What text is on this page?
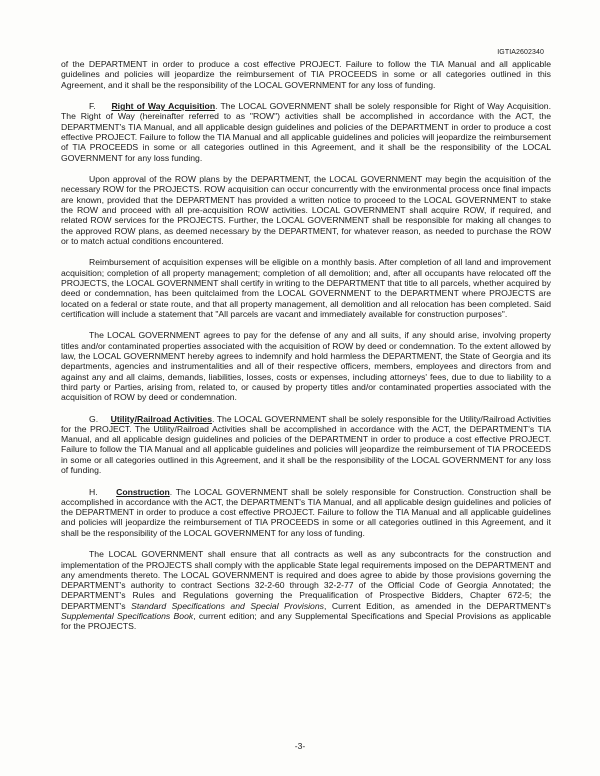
IGTIA2602340

of the DEPARTMENT in order to produce a cost effective PROJECT. Failure to follow the TIA Manual and all applicable guidelines and policies will jeopardize the reimbursement of TIA PROCEEDS in some or all categories outlined in this Agreement, and it shall be the responsibility of the LOCAL GOVERNMENT for any loss of funding.

F. Right of Way Acquisition. The LOCAL GOVERNMENT shall be solely responsible for Right of Way Acquisition. The Right of Way (hereinafter referred to as "ROW") activities shall be accomplished in accordance with the ACT, the DEPARTMENT's TIA Manual, and all applicable design guidelines and policies of the DEPARTMENT in order to produce a cost effective PROJECT. Failure to follow the TIA Manual and all applicable guidelines and policies will jeopardize the reimbursement of TIA PROCEEDS in some or all categories outlined in this Agreement, and it shall be the responsibility of the LOCAL GOVERNMENT for any loss funding.

Upon approval of the ROW plans by the DEPARTMENT, the LOCAL GOVERNMENT may begin the acquisition of the necessary ROW for the PROJECTS. ROW acquisition can occur concurrently with the environmental process once final impacts are known, provided that the DEPARTMENT has provided a written notice to proceed to the LOCAL GOVERNMENT to stake the ROW and proceed with all pre-acquisition ROW activities. LOCAL GOVERNMENT shall acquire ROW, if required, and related ROW services for the PROJECTS. Further, the LOCAL GOVERNMENT shall be responsible for making all changes to the approved ROW plans, as deemed necessary by the DEPARTMENT, for whatever reason, as needed to purchase the ROW or to match actual conditions encountered.

Reimbursement of acquisition expenses will be eligible on a monthly basis. After completion of all land and improvement acquisition; completion of all property management; completion of all demolition; and, after all occupants have relocated off the PROJECTS, the LOCAL GOVERNMENT shall certify in writing to the DEPARTMENT that title to all parcels, whether acquired by deed or condemnation, has been quitclaimed from the LOCAL GOVERNMENT to the DEPARTMENT where PROJECTS are located on a federal or state route, and that all property management, all demolition and all relocation has been completed. Said certification will include a statement that "All parcels are vacant and immediately available for construction purposes".

The LOCAL GOVERNMENT agrees to pay for the defense of any and all suits, if any should arise, involving property titles and/or contaminated properties associated with the acquisition of ROW by deed or condemnation. To the extent allowed by law, the LOCAL GOVERNMENT hereby agrees to indemnify and hold harmless the DEPARTMENT, the State of Georgia and its departments, agencies and instrumentalities and all of their respective officers, members, employees and directors from and against any and all claims, demands, liabilities, losses, costs or expenses, including attorneys' fees, due to due to liability to a third party or Parties, arising from, related to, or caused by property titles and/or contaminated properties associated with the acquisition of ROW by deed or condemnation.

G. Utility/Railroad Activities. The LOCAL GOVERNMENT shall be solely responsible for the Utility/Railroad Activities for the PROJECT. The Utility/Railroad Activities shall be accomplished in accordance with the ACT, the DEPARTMENT's TIA Manual, and all applicable design guidelines and policies of the DEPARTMENT in order to produce a cost effective PROJECT. Failure to follow the TIA Manual and all applicable guidelines and policies will jeopardize the reimbursement of TIA PROCEEDS in some or all categories outlined in this Agreement, and it shall be the responsibility of the LOCAL GOVERNMENT for any loss of funding.

H. Construction. The LOCAL GOVERNMENT shall be solely responsible for Construction. Construction shall be accomplished in accordance with the ACT, the DEPARTMENT's TIA Manual, and all applicable design guidelines and policies of the DEPARTMENT in order to produce a cost effective PROJECT. Failure to follow the TIA Manual and all applicable guidelines and policies will jeopardize the reimbursement of TIA PROCEEDS in some or all categories outlined in this Agreement, and it shall be the responsibility of the LOCAL GOVERNMENT for any loss of funding.

The LOCAL GOVERNMENT shall ensure that all contracts as well as any subcontracts for the construction and implementation of the PROJECTS shall comply with the applicable State legal requirements imposed on the DEPARTMENT and any amendments thereto. The LOCAL GOVERNMENT is required and does agree to abide by those provisions governing the DEPARTMENT's authority to contract Sections 32-2-60 through 32-2-77 of the Official Code of Georgia Annotated; the DEPARTMENT's Rules and Regulations governing the Prequalification of Prospective Bidders, Chapter 672-5; the DEPARTMENT's Standard Specifications and Special Provisions, Current Edition, as amended in the DEPARTMENT's Supplemental Specifications Book, current edition; and any Supplemental Specifications and Special Provisions as applicable for the PROJECTS.

-3-
